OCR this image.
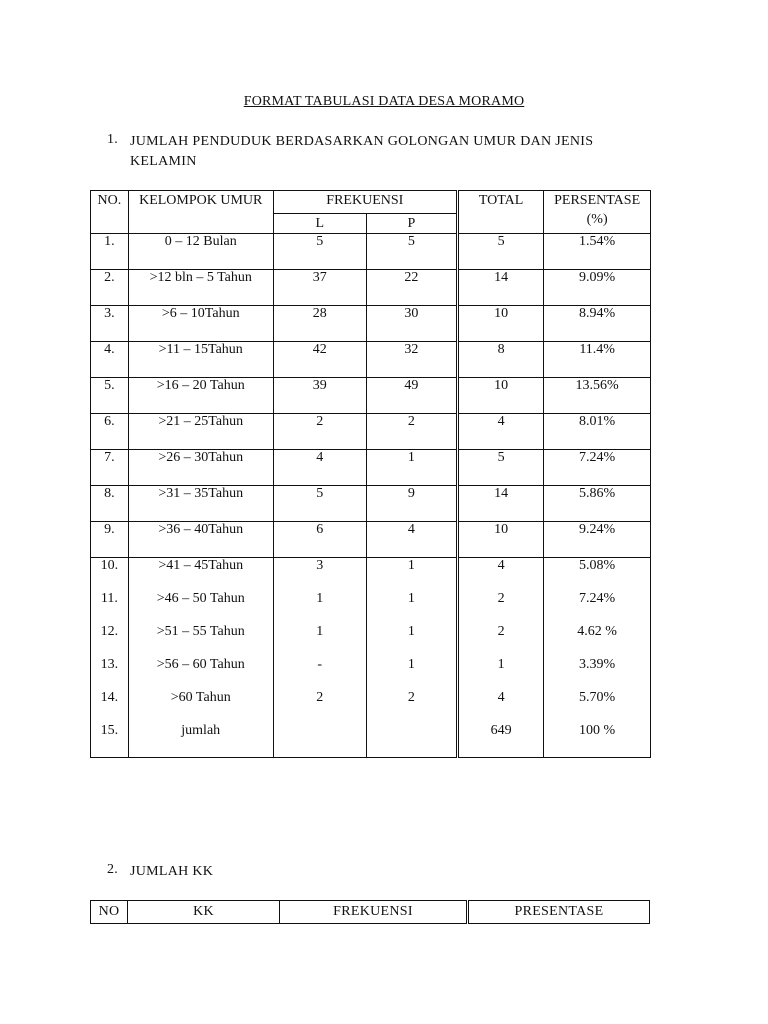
FORMAT TABULASI DATA DESA MORAMO
1. JUMLAH PENDUDUK BERDASARKAN GOLONGAN UMUR DAN JENIS KELAMIN
NO.	KELOMPOK UMUR	FREKUENSI		TOTAL	PERSENTASE (%)
		L	P		
1.	0 – 12 Bulan	5	5	5	1.54%
2.	>12 bln – 5 Tahun	37	22	14	9.09%
3.	>6 – 10Tahun	28	30	10	8.94%
4.	>11 – 15Tahun	42	32	8	11.4%
5.	>16 – 20 Tahun	39	49	10	13.56%
6.	>21 – 25Tahun	2	2	4	8.01%
7.	>26 – 30Tahun	4	1	5	7.24%
8.	>31 – 35Tahun	5	9	14	5.86%
9.	>36 – 40Tahun	6	4	10	9.24%
10.	>41 – 45Tahun	3	1	4	5.08%
11.	>46 – 50 Tahun	1	1	2	7.24%
12.	>51 – 55 Tahun	1	1	2	4.62 %
13.	>56 – 60 Tahun	-	1	1	3.39%
14.	>60 Tahun	2	2	4	5.70%
15.	jumlah			649	100 %
2. JUMLAH KK
NO	KK	FREKUENSI	PRESENTASE
